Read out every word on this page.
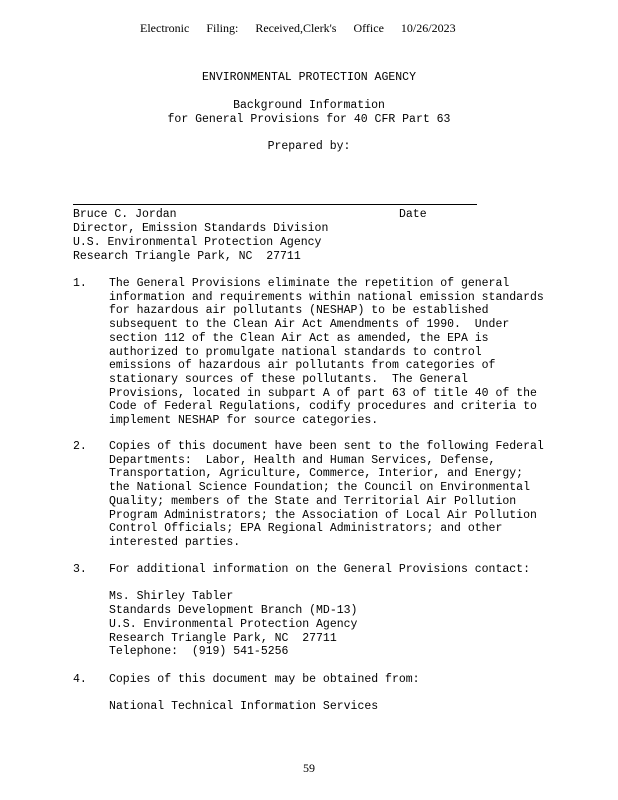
Electronic Filing: Received,Clerk's Office 10/26/2023
ENVIRONMENTAL PROTECTION AGENCY
Background Information
for General Provisions for 40 CFR Part 63
Prepared by:
Bruce C. Jordan	Date
Director, Emission Standards Division
U.S. Environmental Protection Agency
Research Triangle Park, NC  27711
1. The General Provisions eliminate the repetition of general
information and requirements within national emission standards
for hazardous air pollutants (NESHAP) to be established
subsequent to the Clean Air Act Amendments of 1990.  Under
section 112 of the Clean Air Act as amended, the EPA is
authorized to promulgate national standards to control
emissions of hazardous air pollutants from categories of
stationary sources of these pollutants.  The General
Provisions, located in subpart A of part 63 of title 40 of the
Code of Federal Regulations, codify procedures and criteria to
implement NESHAP for source categories.
2. Copies of this document have been sent to the following Federal
Departments:  Labor, Health and Human Services, Defense,
Transportation, Agriculture, Commerce, Interior, and Energy;
the National Science Foundation; the Council on Environmental
Quality; members of the State and Territorial Air Pollution
Program Administrators; the Association of Local Air Pollution
Control Officials; EPA Regional Administrators; and other
interested parties.
3. For additional information on the General Provisions contact:

Ms. Shirley Tabler
Standards Development Branch (MD-13)
U.S. Environmental Protection Agency
Research Triangle Park, NC  27711
Telephone:  (919) 541-5256
4. Copies of this document may be obtained from:

National Technical Information Services
59
